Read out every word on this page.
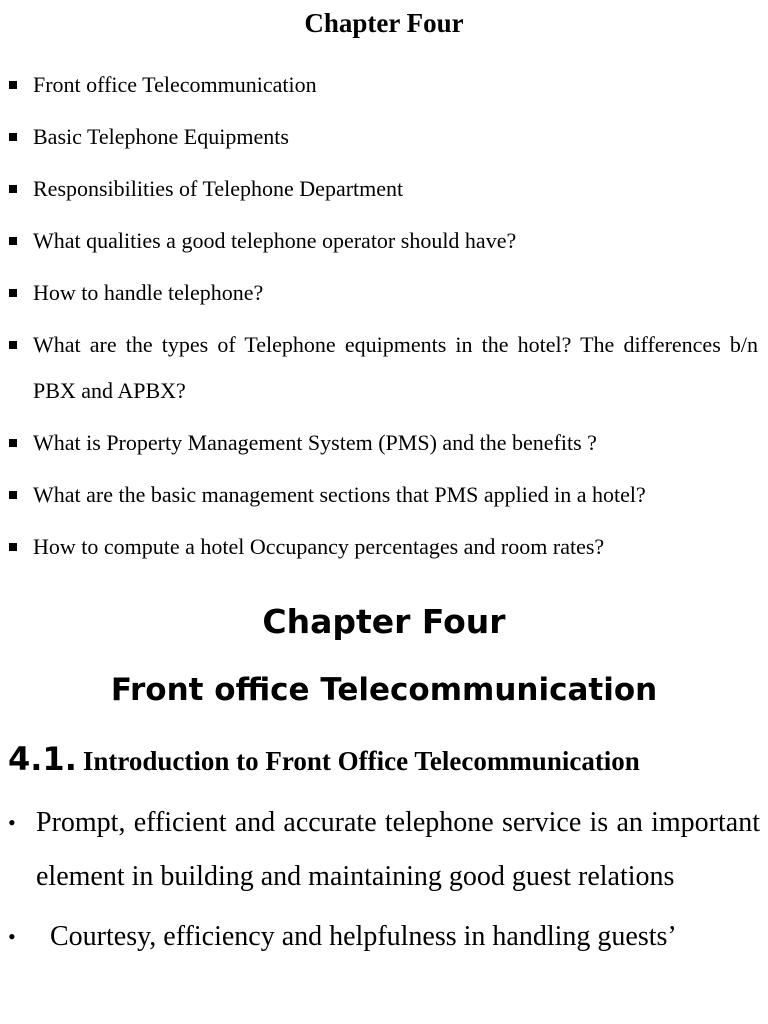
Chapter Four
Front office Telecommunication
Basic Telephone Equipments
Responsibilities of Telephone Department
What qualities a good telephone operator should have?
How to handle telephone?
What are the types of Telephone equipments in the hotel? The differences b/n PBX and APBX?
What is Property Management System (PMS) and the benefits ?
What are the basic management sections that PMS applied in a hotel?
How to compute a hotel Occupancy percentages and room rates?
Chapter Four
Front office Telecommunication
4.1. Introduction to Front Office Telecommunication
• Prompt, efficient and accurate telephone service is an important element in building and maintaining good guest relations
• Courtesy, efficiency and helpfulness in handling guests’
